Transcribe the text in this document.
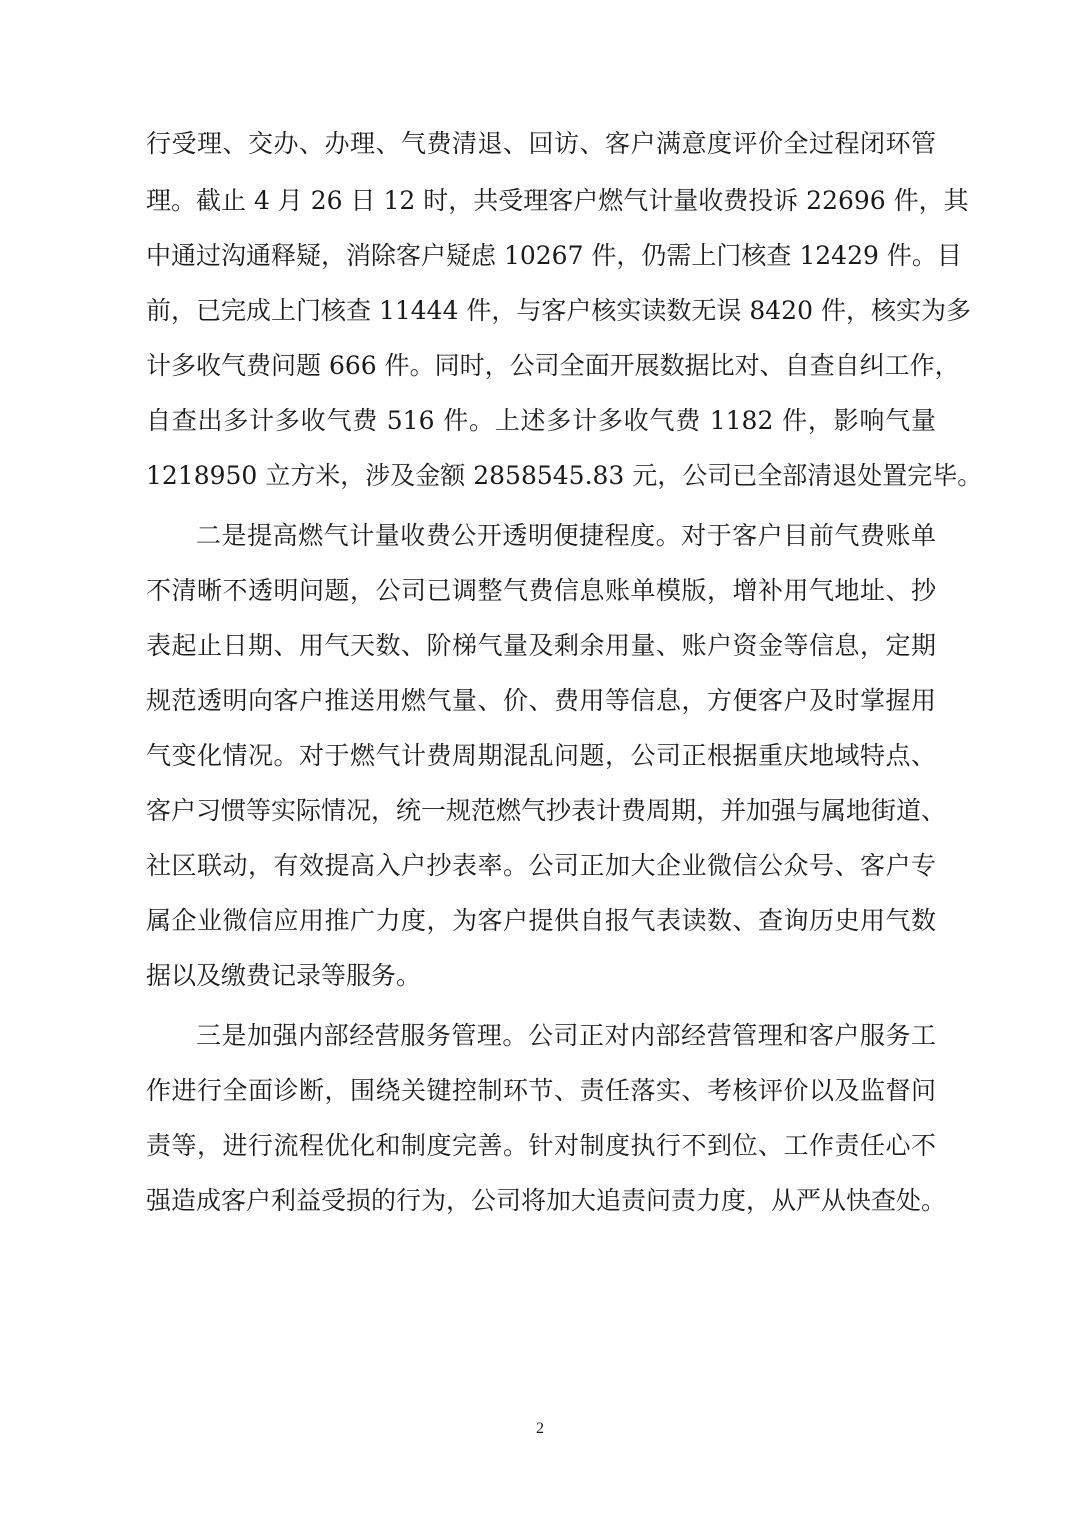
行受理、交办、办理、气费清退、回访、客户满意度评价全过程闭环管
理。截止 4 月 26 日 12 时，共受理客户燃气计量收费投诉 22696 件，其
中通过沟通释疑，消除客户疑虑 10267 件，仍需上门核查 12429 件。目
前，已完成上门核查 11444 件，与客户核实读数无误 8420 件，核实为多
计多收气费问题 666 件。同时，公司全面开展数据比对、自查自纠工作，
自查出多计多收气费 516 件。上述多计多收气费 1182 件，影响气量
1218950 立方米，涉及金额 2858545.83 元，公司已全部清退处置完毕。
二是提高燃气计量收费公开透明便捷程度。对于客户目前气费账单
不清晰不透明问题，公司已调整气费信息账单模版，增补用气地址、抄
表起止日期、用气天数、阶梯气量及剩余用量、账户资金等信息，定期
规范透明向客户推送用燃气量、价、费用等信息，方便客户及时掌握用
气变化情况。对于燃气计费周期混乱问题，公司正根据重庆地域特点、
客户习惯等实际情况，统一规范燃气抄表计费周期，并加强与属地街道、
社区联动，有效提高入户抄表率。公司正加大企业微信公众号、客户专
属企业微信应用推广力度，为客户提供自报气表读数、查询历史用气数
据以及缴费记录等服务。
三是加强内部经营服务管理。公司正对内部经营管理和客户服务工
作进行全面诊断，围绕关键控制环节、责任落实、考核评价以及监督问
责等，进行流程优化和制度完善。针对制度执行不到位、工作责任心不
强造成客户利益受损的行为，公司将加大追责问责力度，从严从快查处。
2
